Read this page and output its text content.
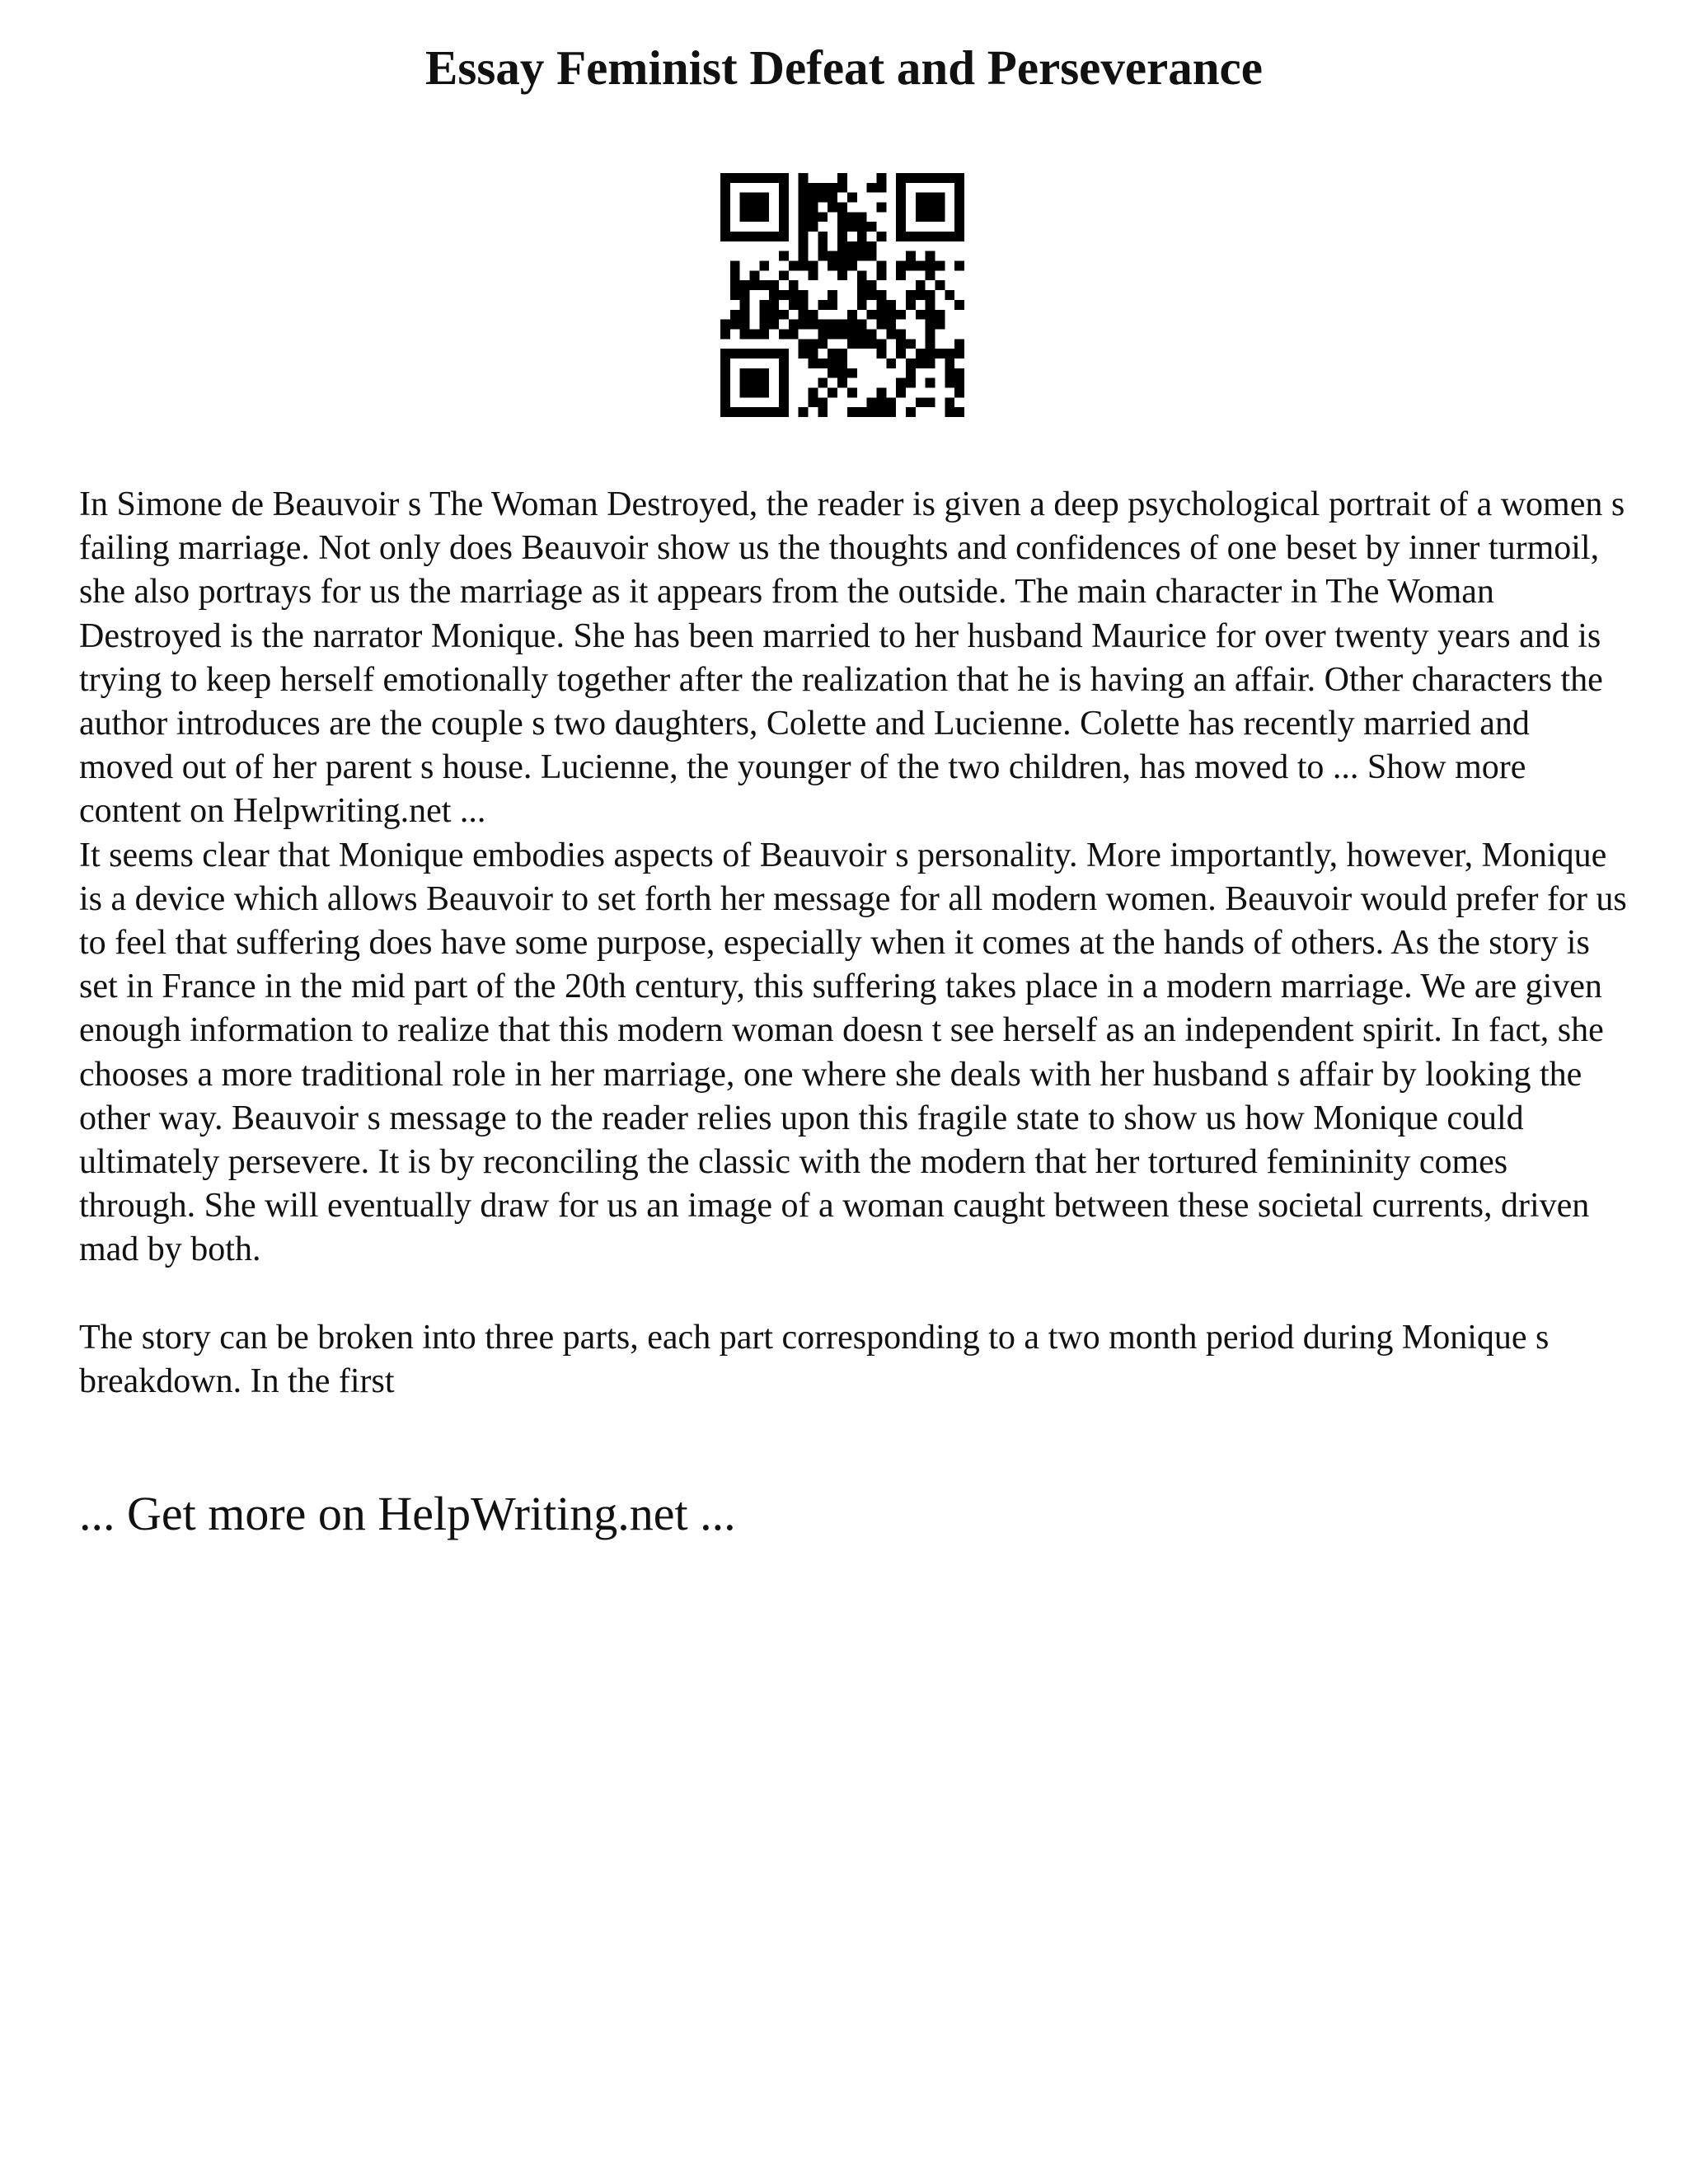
Essay Feminist Defeat and Perseverance

In Simone de Beauvoir s The Woman Destroyed, the reader is given a deep psychological portrait of a women s failing marriage. Not only does Beauvoir show us the thoughts and confidences of one beset by inner turmoil, she also portrays for us the marriage as it appears from the outside. The main character in The Woman Destroyed is the narrator Monique. She has been married to her husband Maurice for over twenty years and is trying to keep herself emotionally together after the realization that he is having an affair. Other characters the author introduces are the couple s two daughters, Colette and Lucienne. Colette has recently married and moved out of her parent s house. Lucienne, the younger of the two children, has moved to ... Show more content on Helpwriting.net ...

It seems clear that Monique embodies aspects of Beauvoir s personality. More importantly, however, Monique is a device which allows Beauvoir to set forth her message for all modern women. Beauvoir would prefer for us to feel that suffering does have some purpose, especially when it comes at the hands of others. As the story is set in France in the mid part of the 20th century, this suffering takes place in a modern marriage. We are given enough information to realize that this modern woman doesn t see herself as an independent spirit. In fact, she chooses a more traditional role in her marriage, one where she deals with her husband s affair by looking the other way. Beauvoir s message to the reader relies upon this fragile state to show us how Monique could ultimately persevere. It is by reconciling the classic with the modern that her tortured femininity comes through. She will eventually draw for us an image of a woman caught between these societal currents, driven mad by both.

The story can be broken into three parts, each part corresponding to a two month period during Monique s breakdown. In the first

... Get more on HelpWriting.net ...
